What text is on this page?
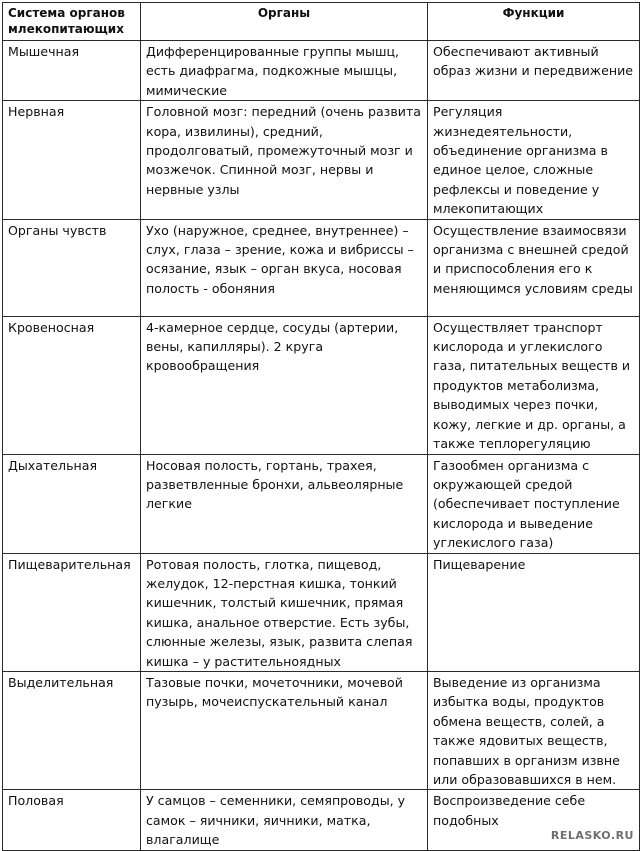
Система органов млекопитающих	Органы	Функции
Мышечная	Дифференцированные группы мышц, есть диафрагма, подкожные мышцы, мимические	Обеспечивают активный образ жизни и передвижение
Нервная	Головной мозг: передний (очень развита кора, извилины), средний, продолговатый, промежуточный мозг и мозжечок. Спинной мозг, нервы и нервные узлы	Регуляция жизнедеятельности, объединение организма в единое целое, сложные рефлексы и поведение у млекопитающих
Органы чувств	Ухо (наружное, среднее, внутреннее) – слух, глаза – зрение, кожа и вибриссы – осязание, язык – орган вкуса, носовая полость - обоняния	Осуществление взаимосвязи организма с внешней средой и приспособления его к меняющимся условиям среды
Кровеносная	4-камерное сердце, сосуды (артерии, вены, капилляры). 2 круга кровообращения	Осуществляет транспорт кислорода и углекислого газа, питательных веществ и продуктов метаболизма, выводимых через почки, кожу, легкие и др. органы, а также теплорегуляцию
Дыхательная	Носовая полость, гортань, трахея, разветвленные бронхи, альвеолярные легкие	Газообмен организма с окружающей средой (обеспечивает поступление кислорода и выведение углекислого газа)
Пищеварительная	Ротовая полость, глотка, пищевод, желудок, 12-перстная кишка, тонкий кишечник, толстый кишечник, прямая кишка, анальное отверстие. Есть зубы, слюнные железы, язык, развита слепая кишка – у растительноядных	Пищеварение
Выделительная	Тазовые почки, мочеточники, мочевой пузырь, мочеиспускательный канал	Выведение из организма избытка воды, продуктов обмена веществ, солей, а также ядовитых веществ, попавших в организм извне или образовавшихся в нем.
Половая	У самцов – семенники, семяпроводы, у самок – яичники, яичники, матка, влагалище	Воспроизведение себе подобных
RELASKO.RU
